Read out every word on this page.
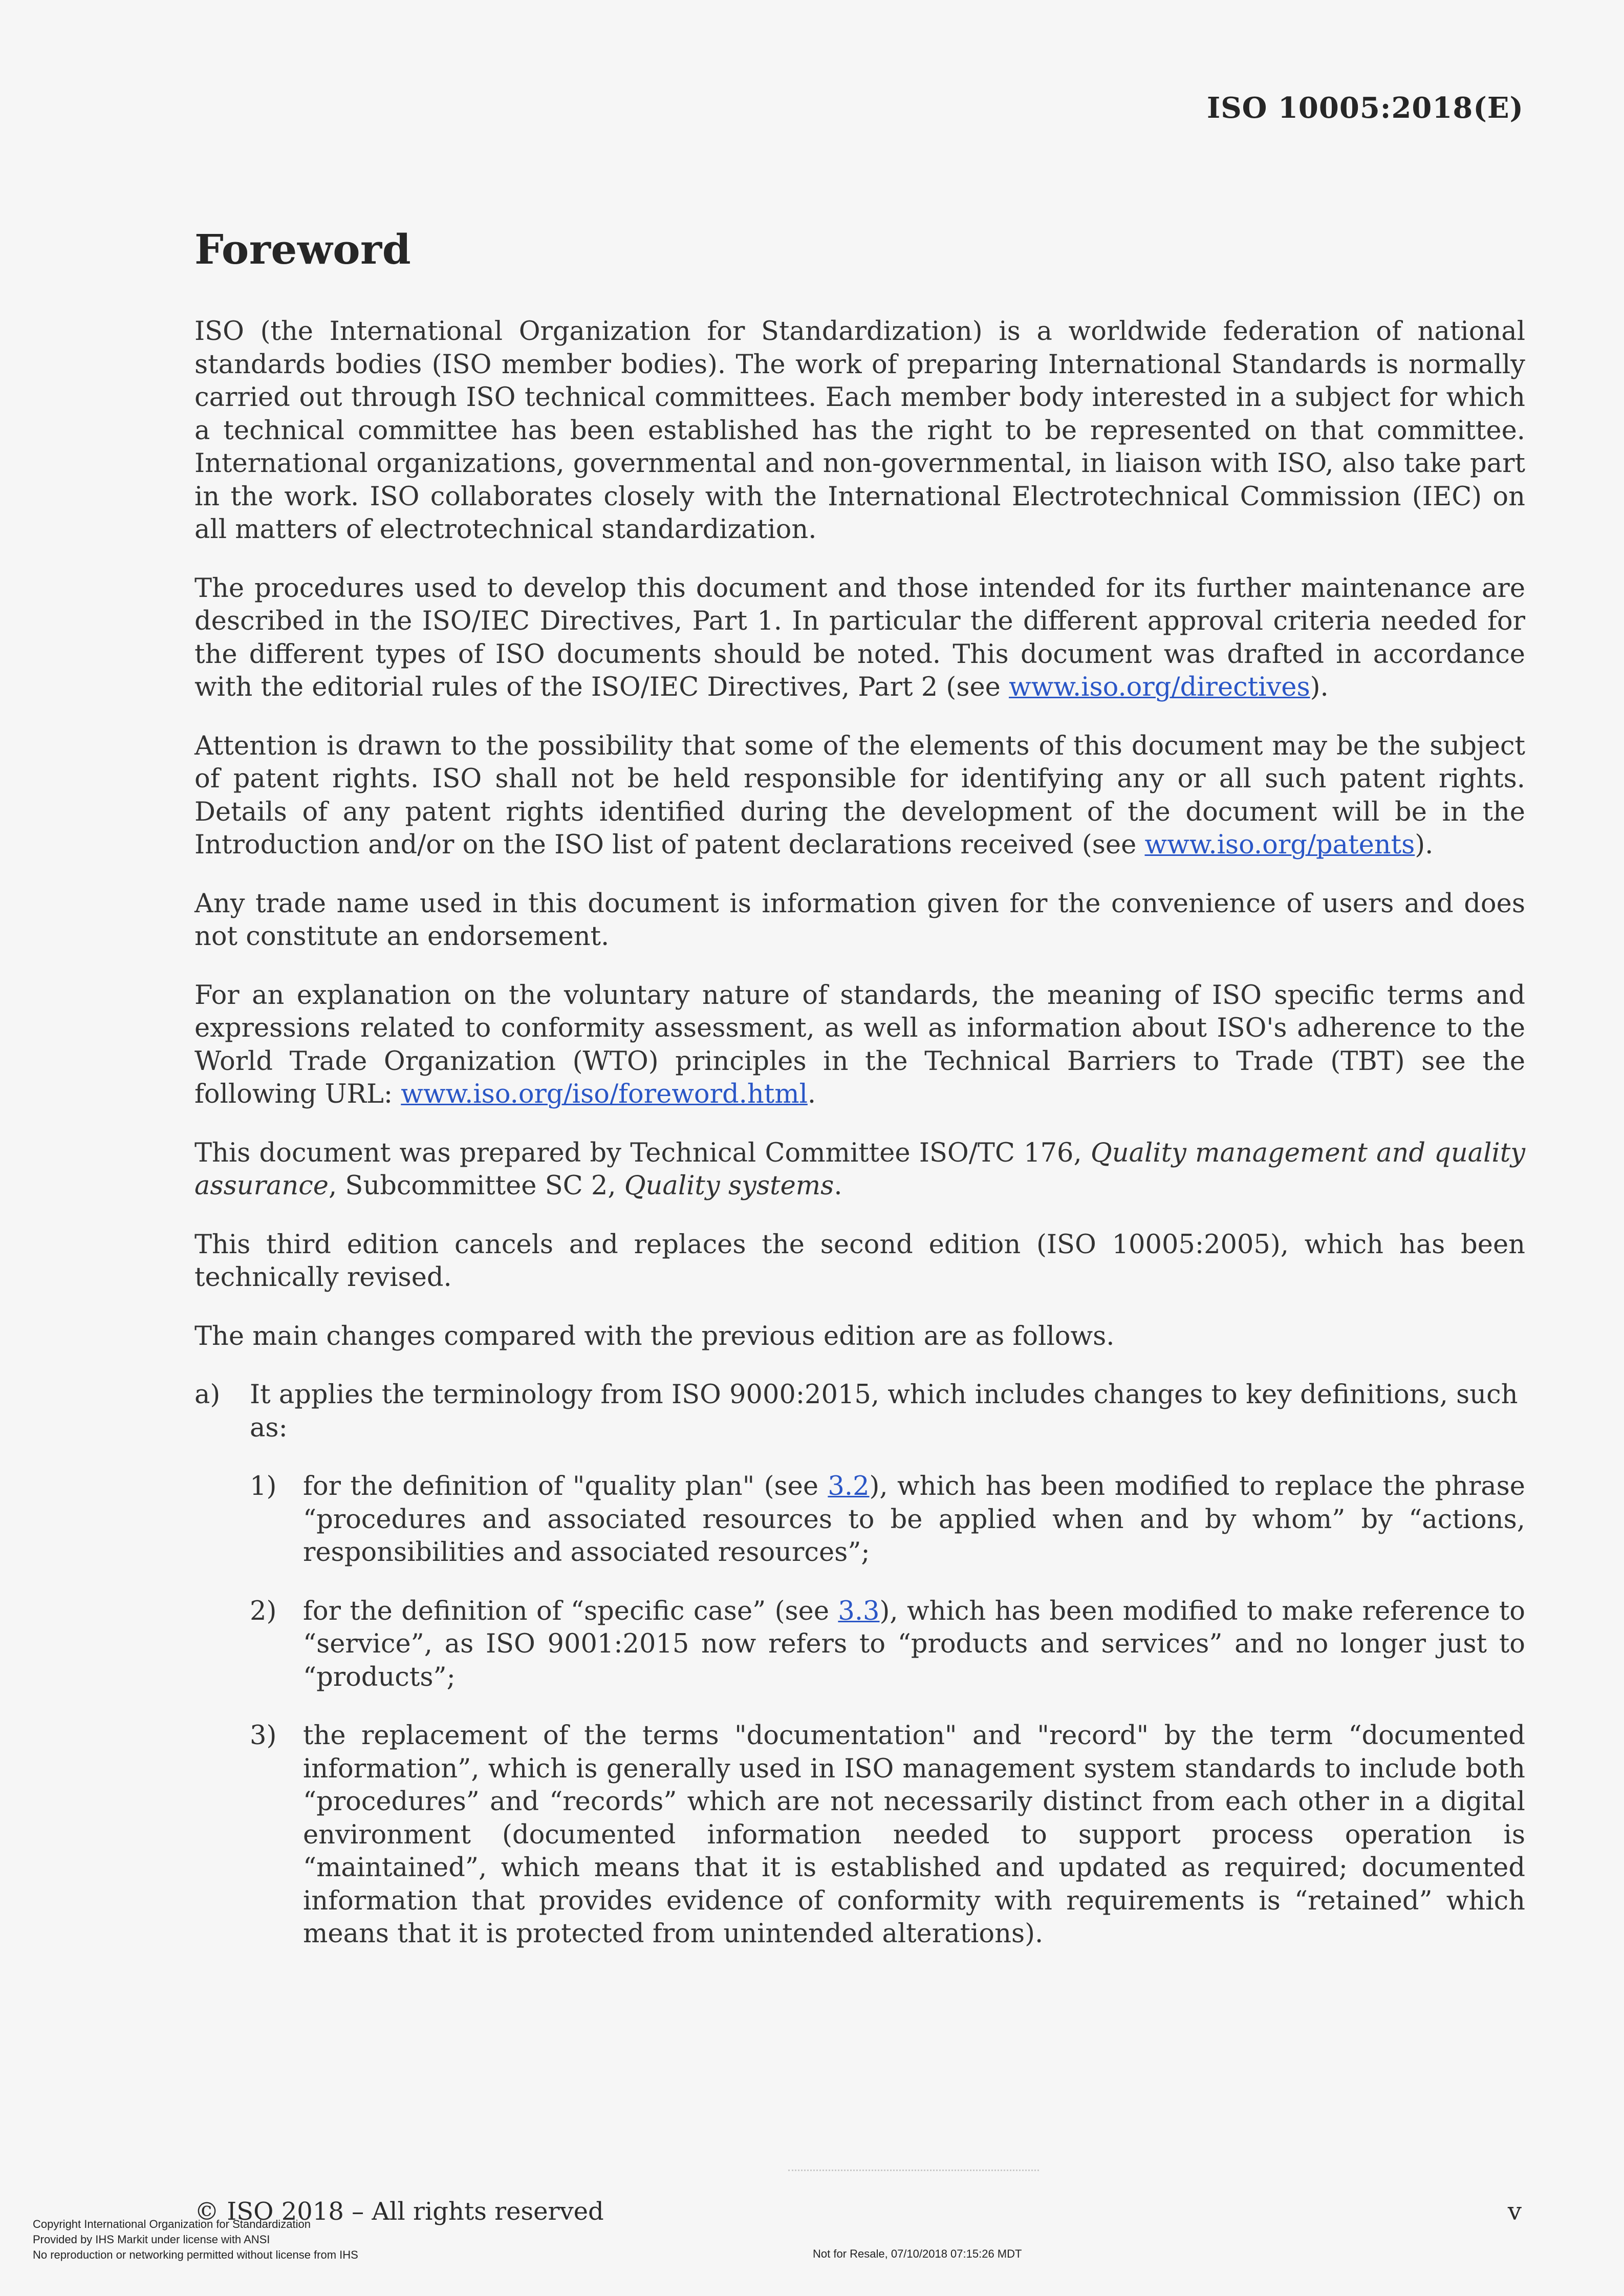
ISO 10005:2018(E)
Foreword

ISO (the International Organization for Standardization) is a worldwide federation of national standards bodies (ISO member bodies). The work of preparing International Standards is normally carried out through ISO technical committees. Each member body interested in a subject for which a technical committee has been established has the right to be represented on that committee. International organizations, governmental and non-governmental, in liaison with ISO, also take part in the work. ISO collaborates closely with the International Electrotechnical Commission (IEC) on all matters of electrotechnical standardization.

The procedures used to develop this document and those intended for its further maintenance are described in the ISO/IEC Directives, Part 1. In particular the different approval criteria needed for the different types of ISO documents should be noted. This document was drafted in accordance with the editorial rules of the ISO/IEC Directives, Part 2 (see www.iso.org/directives).

Attention is drawn to the possibility that some of the elements of this document may be the subject of patent rights. ISO shall not be held responsible for identifying any or all such patent rights. Details of any patent rights identified during the development of the document will be in the Introduction and/or on the ISO list of patent declarations received (see www.iso.org/patents).

Any trade name used in this document is information given for the convenience of users and does not constitute an endorsement.

For an explanation on the voluntary nature of standards, the meaning of ISO specific terms and expressions related to conformity assessment, as well as information about ISO's adherence to the World Trade Organization (WTO) principles in the Technical Barriers to Trade (TBT) see the following URL: www.iso.org/iso/foreword.html.

This document was prepared by Technical Committee ISO/TC 176, Quality management and quality assurance, Subcommittee SC 2, Quality systems.

This third edition cancels and replaces the second edition (ISO 10005:2005), which has been technically revised.

The main changes compared with the previous edition are as follows.

a) It applies the terminology from ISO 9000:2015, which includes changes to key definitions, such as:
1) for the definition of "quality plan" (see 3.2), which has been modified to replace the phrase “procedures and associated resources to be applied when and by whom” by “actions, responsibilities and associated resources”;
2) for the definition of “specific case” (see 3.3), which has been modified to make reference to “service”, as ISO 9001:2015 now refers to “products and services” and no longer just to “products”;
3) the replacement of the terms "documentation" and "record" by the term “documented information”, which is generally used in ISO management system standards to include both “procedures” and “records” which are not necessarily distinct from each other in a digital environment (documented information needed to support process operation is “maintained”, which means that it is established and updated as required; documented information that provides evidence of conformity with requirements is “retained” which means that it is protected from unintended alterations).
© ISO 2018 – All rights reserved	v
Copyright International Organization for Standardization
Provided by IHS Markit under license with ANSI
No reproduction or networking permitted without license from IHS	Not for Resale, 07/10/2018 07:15:26 MDT
